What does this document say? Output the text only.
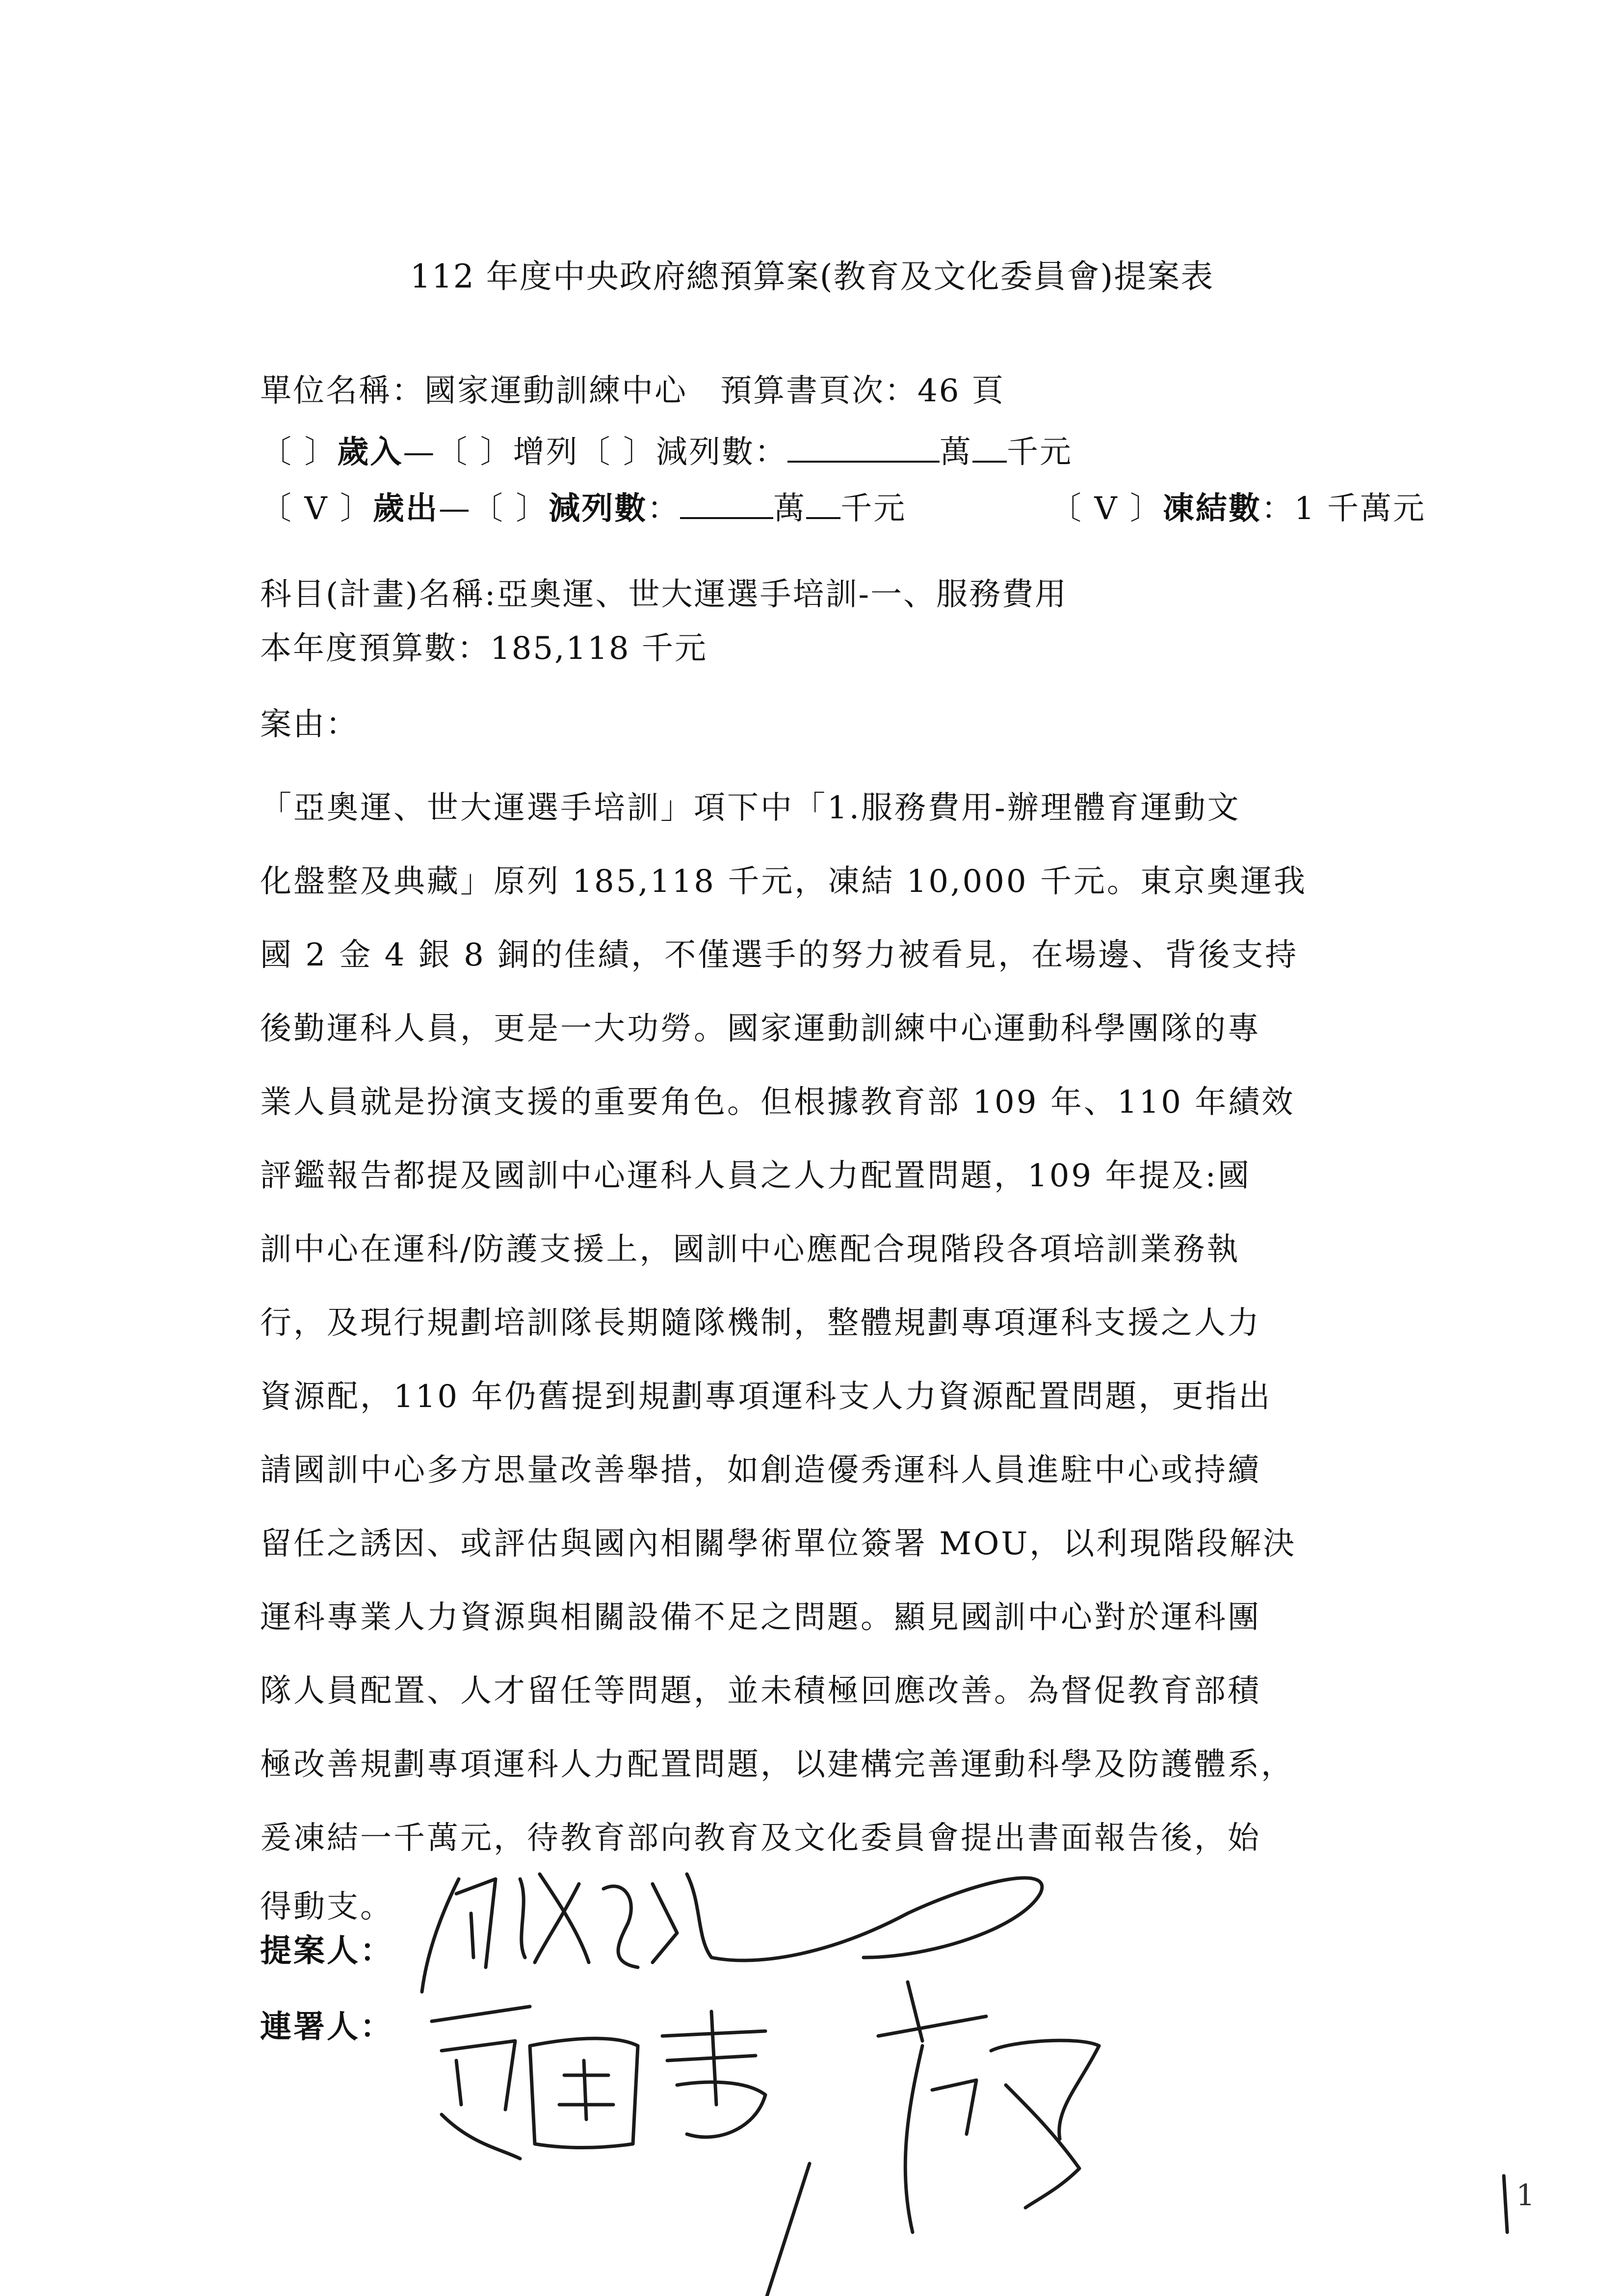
112 年度中央政府總預算案(教育及文化委員會)提案表
單位名稱：國家運動訓練中心　預算書頁次：46 頁
〔 〕歲入—〔 〕增列〔 〕減列數：	萬 千元
〔 V 〕歲出—〔 〕減列數：	萬 千元	〔 V 〕凍結數：1 千萬元
科目(計畫)名稱:亞奧運、世大運選手培訓-一、服務費用
本年度預算數：185,118 千元
案由：
「亞奧運、世大運選手培訓」項下中「1.服務費用-辦理體育運動文
化盤整及典藏」原列 185,118 千元，凍結 10,000 千元。東京奧運我
國 2 金 4 銀 8 銅的佳績，不僅選手的努力被看見，在場邊、背後支持
後勤運科人員，更是一大功勞。國家運動訓練中心運動科學團隊的專
業人員就是扮演支援的重要角色。但根據教育部 109 年、110 年績效
評鑑報告都提及國訓中心運科人員之人力配置問題，109 年提及:國
訓中心在運科/防護支援上，國訓中心應配合現階段各項培訓業務執
行，及現行規劃培訓隊長期隨隊機制，整體規劃專項運科支援之人力
資源配，110 年仍舊提到規劃專項運科支人力資源配置問題，更指出
請國訓中心多方思量改善舉措，如創造優秀運科人員進駐中心或持續
留任之誘因、或評估與國內相關學術單位簽署 MOU，以利現階段解決
運科專業人力資源與相關設備不足之問題。顯見國訓中心對於運科團
隊人員配置、人才留任等問題，並未積極回應改善。為督促教育部積
極改善規劃專項運科人力配置問題，以建構完善運動科學及防護體系，
爰凍結一千萬元，待教育部向教育及文化委員會提出書面報告後，始
得動支。
提案人：
連署人：
1
